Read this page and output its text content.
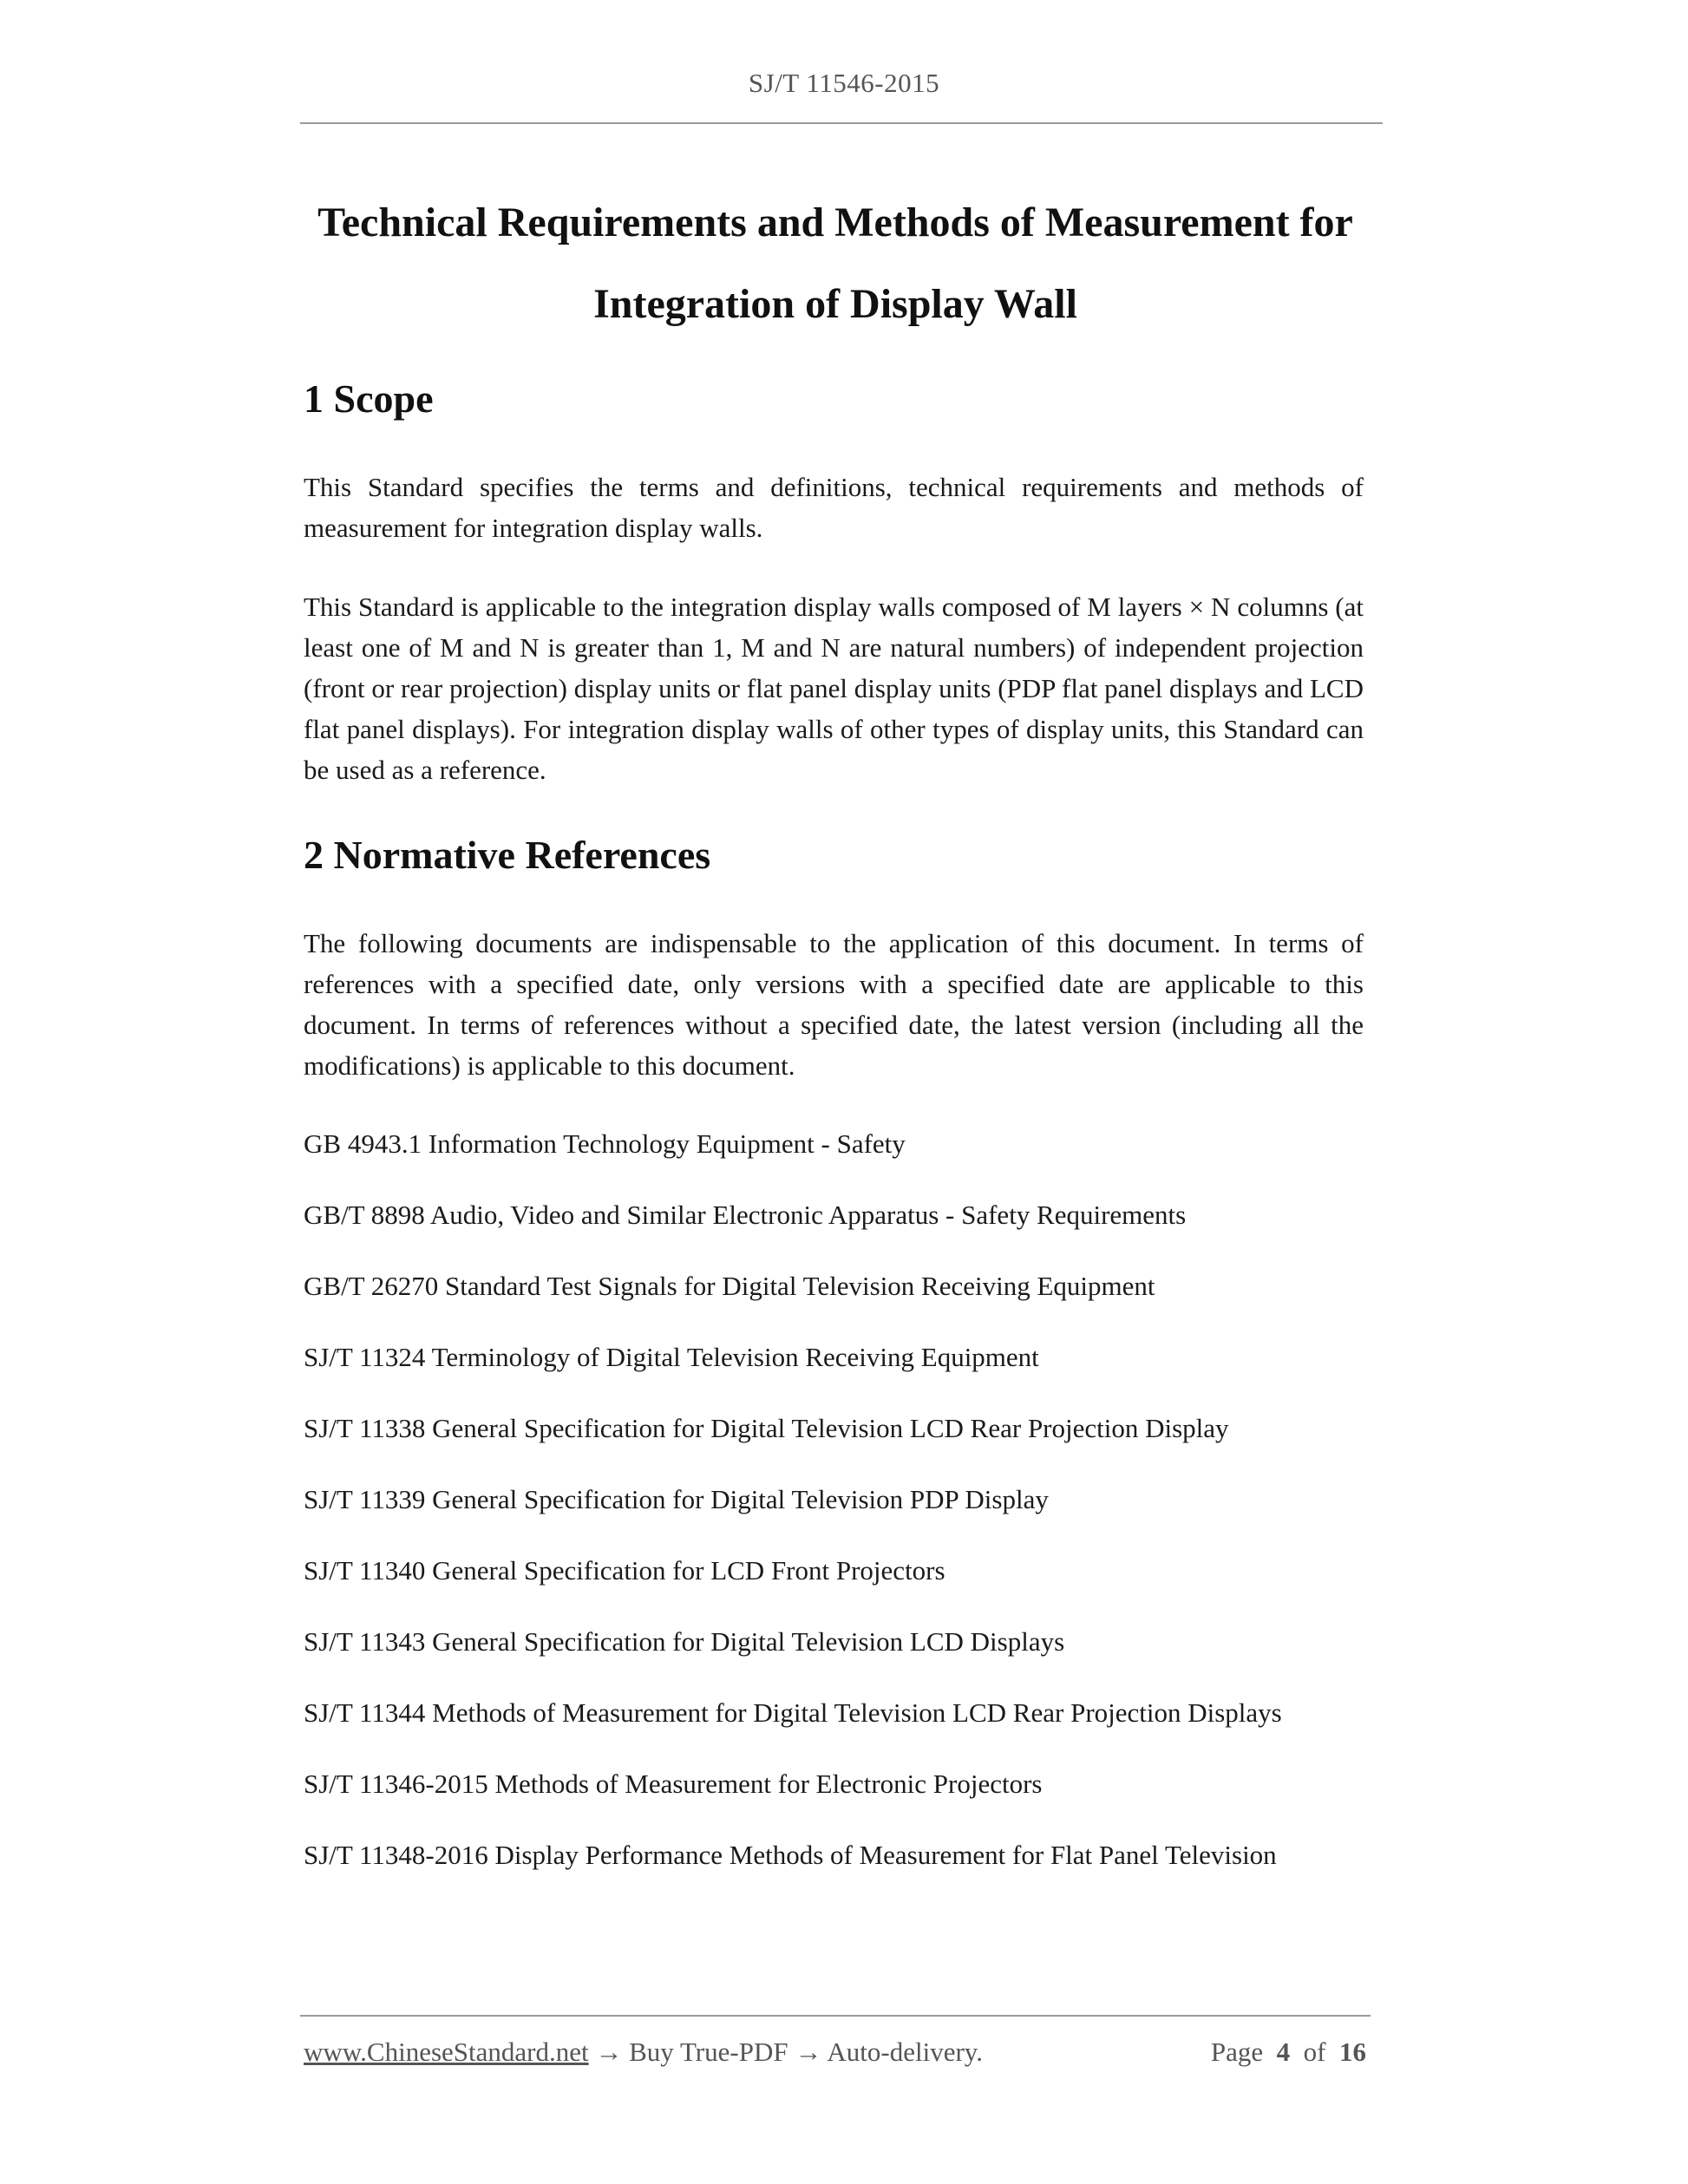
SJ/T 11546-2015
Technical Requirements and Methods of Measurement for
Integration of Display Wall
1 Scope
This Standard specifies the terms and definitions, technical requirements and methods of measurement for integration display walls.
This Standard is applicable to the integration display walls composed of M layers × N columns (at least one of M and N is greater than 1, M and N are natural numbers) of independent projection (front or rear projection) display units or flat panel display units (PDP flat panel displays and LCD flat panel displays). For integration display walls of other types of display units, this Standard can be used as a reference.
2 Normative References
The following documents are indispensable to the application of this document. In terms of references with a specified date, only versions with a specified date are applicable to this document. In terms of references without a specified date, the latest version (including all the modifications) is applicable to this document.
GB 4943.1 Information Technology Equipment - Safety
GB/T 8898 Audio, Video and Similar Electronic Apparatus - Safety Requirements
GB/T 26270 Standard Test Signals for Digital Television Receiving Equipment
SJ/T 11324 Terminology of Digital Television Receiving Equipment
SJ/T 11338 General Specification for Digital Television LCD Rear Projection Display
SJ/T 11339 General Specification for Digital Television PDP Display
SJ/T 11340 General Specification for LCD Front Projectors
SJ/T 11343 General Specification for Digital Television LCD Displays
SJ/T 11344 Methods of Measurement for Digital Television LCD Rear Projection Displays
SJ/T 11346-2015 Methods of Measurement for Electronic Projectors
SJ/T 11348-2016 Display Performance Methods of Measurement for Flat Panel Television
www.ChineseStandard.net → Buy True-PDF → Auto-delivery.	Page 4 of 16
